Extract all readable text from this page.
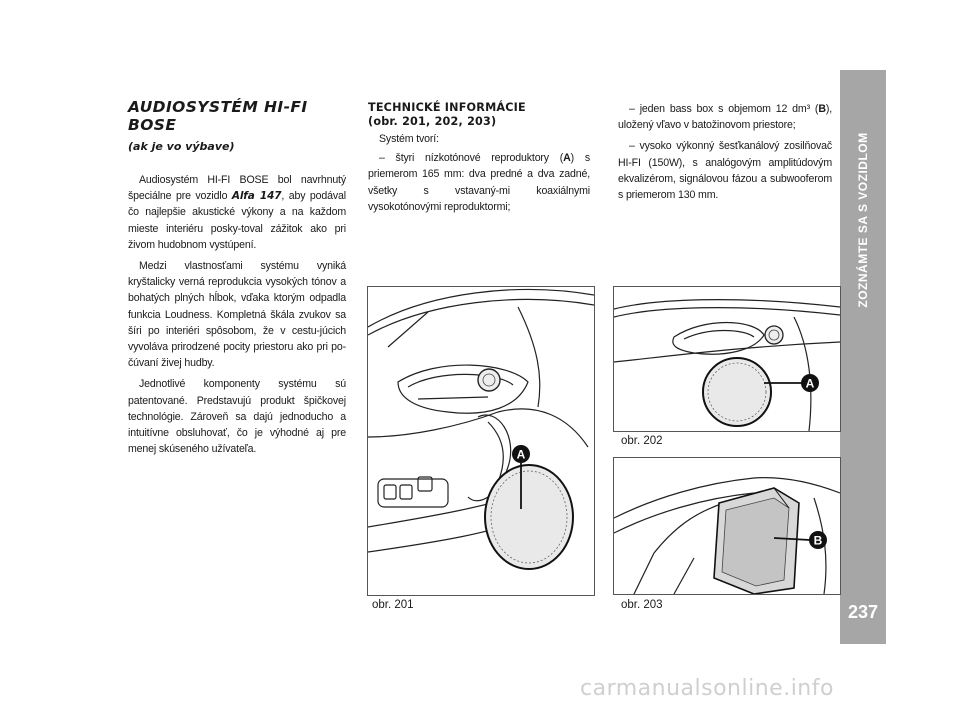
ZOZNÁMTE SA S VOZIDLOM
237
AUDIOSYSTÉM HI-FI BOSE
(ak je vo výbave)

Audiosystém HI-FI BOSE bol navrhnutý špeciálne pre vozidlo Alfa 147, aby podával čo najlepšie akustické výkony a na každom mieste interiéru posky-toval zážitok ako pri živom hudobnom vystúpení.

Medzi vlastnosťami systému vyniká kryštalicky verná reprodukcia vysokých tónov a bohatých plných hĺbok, vďaka ktorým odpadla funkcia Loudness. Kompletná škála zvukov sa šíri po interiéri spôsobom, že v cestu-júcich vyvoláva prirodzené pocity priestoru ako pri po-čúvaní živej hudby.

Jednotlivé komponenty systému sú patentované. Predstavujú produkt špičkovej technológie. Zároveň sa dajú jednoducho a intuitívne obsluhovať, čo je výhodné aj pre menej skúseného užívateľa.

TECHNICKÉ INFORMÁCIE
(obr. 201, 202, 203)

Systém tvorí:

– štyri nízkotónové reproduktory (A) s priemerom 165 mm: dva predné a dva zadné, všetky s vstavaný-mi koaxiálnymi vysokotónovými reproduktormi;

– jeden bass box s objemom 12 dm³ (B), uložený vľavo v batožinovom priestore;

– vysoko výkonný šesťkanálový zosilňovač HI-FI (150W), s analógovým amplitúdovým ekvalizérom, signálovou fázou a subwooferom s priemerom 130 mm.

A
obr. 201
A
obr. 202
B
obr. 203
carmanualsonline.info
